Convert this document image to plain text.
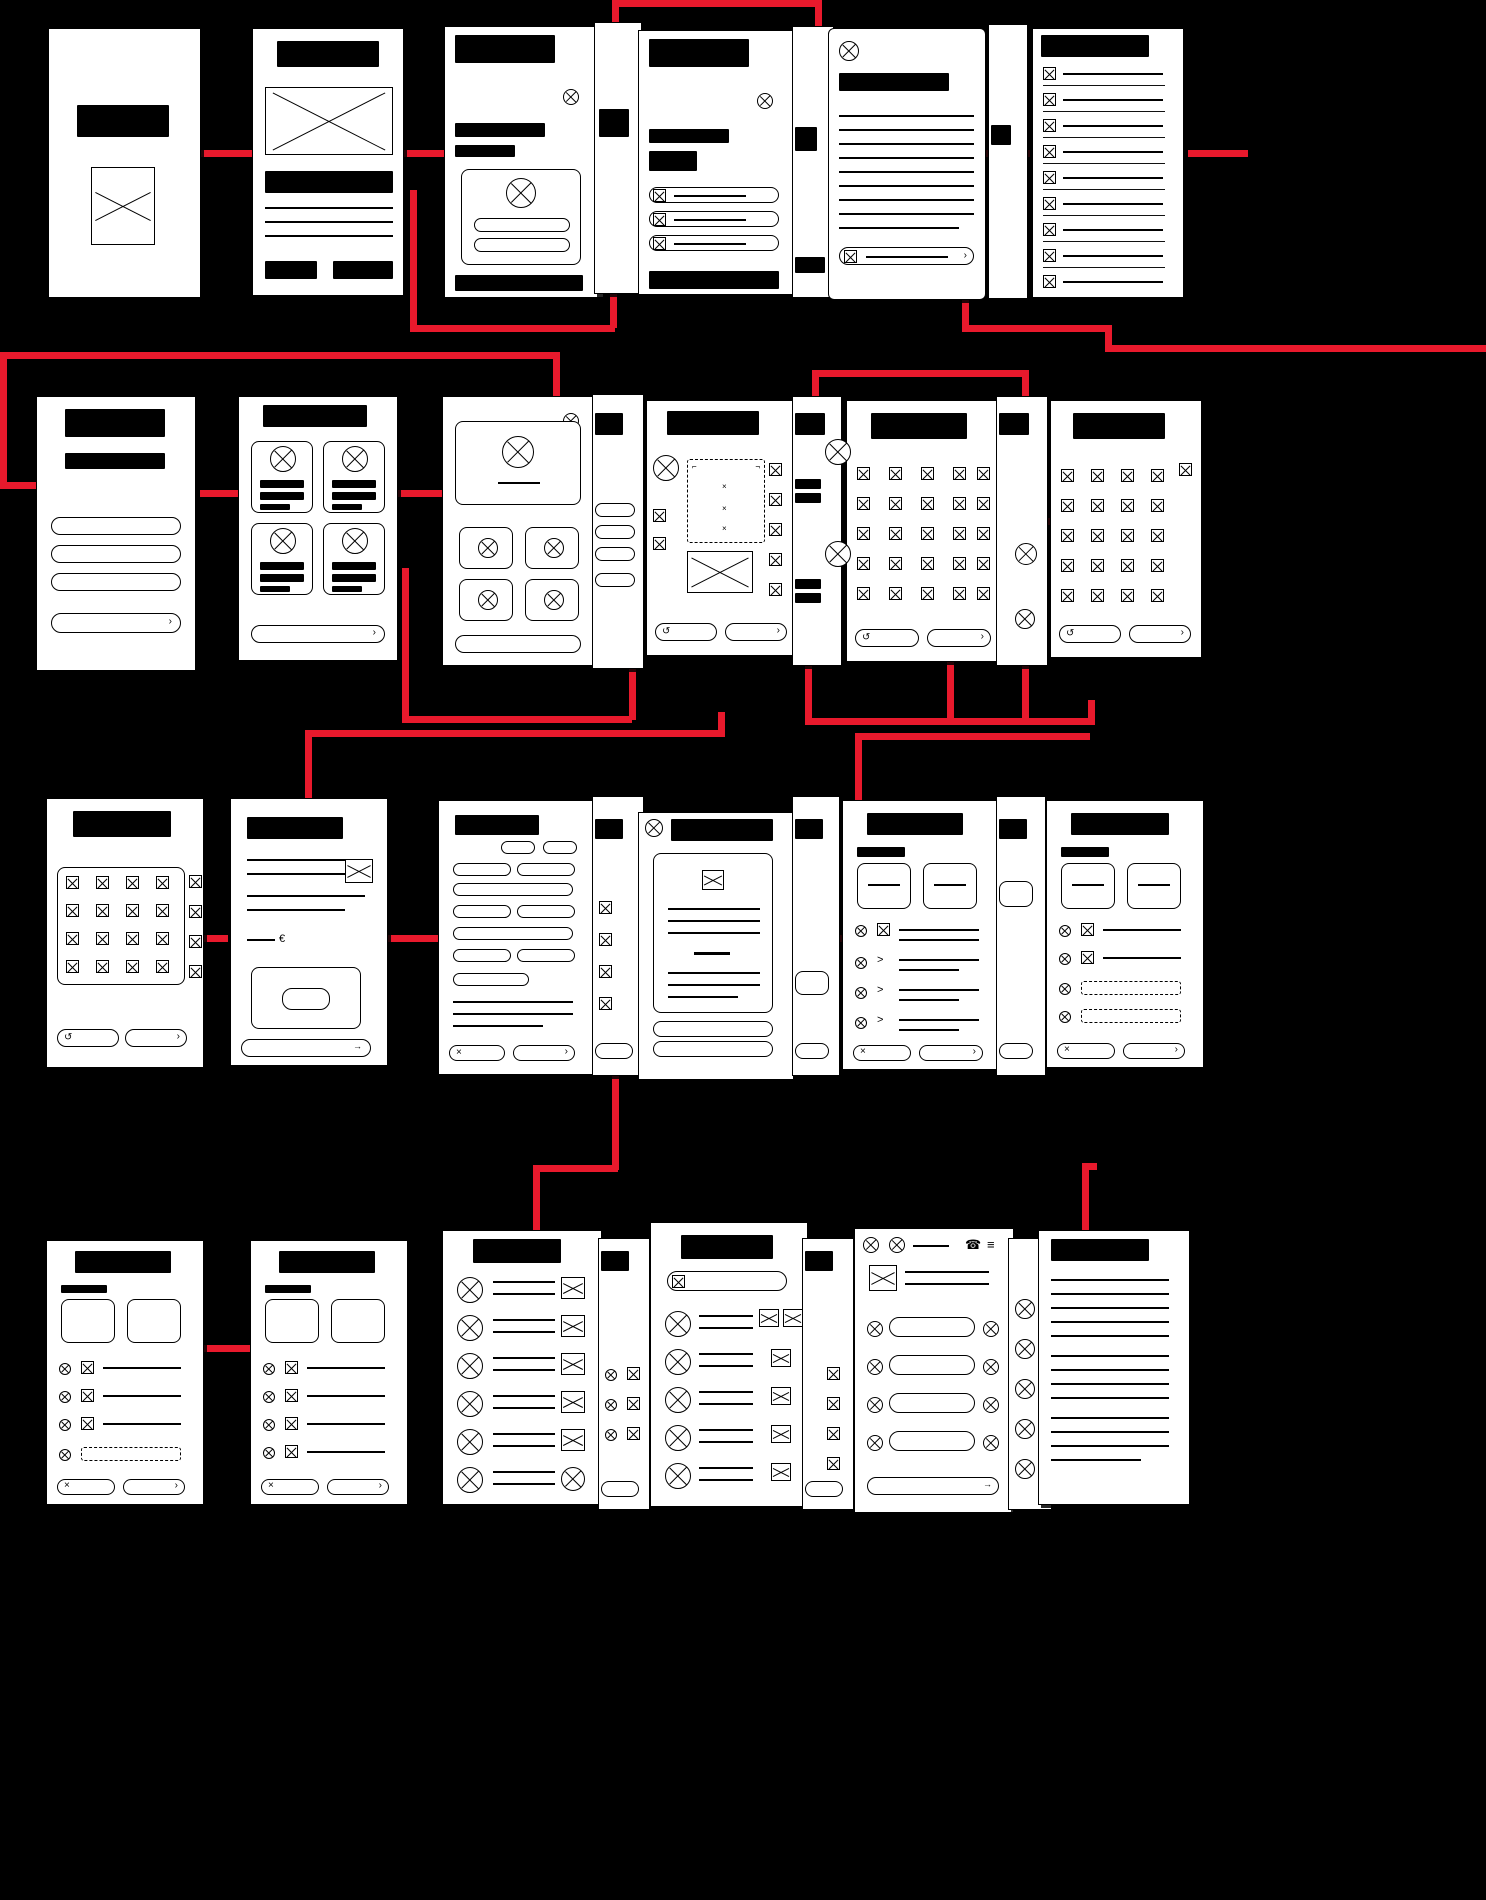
›
›
›
⌐	¬
×
×
×
↺	›
↺	›	↺	›
↺	›
€
→
×	›
>
>
>
×	›	×	›
×	›	×	›
☎ ≡
→
